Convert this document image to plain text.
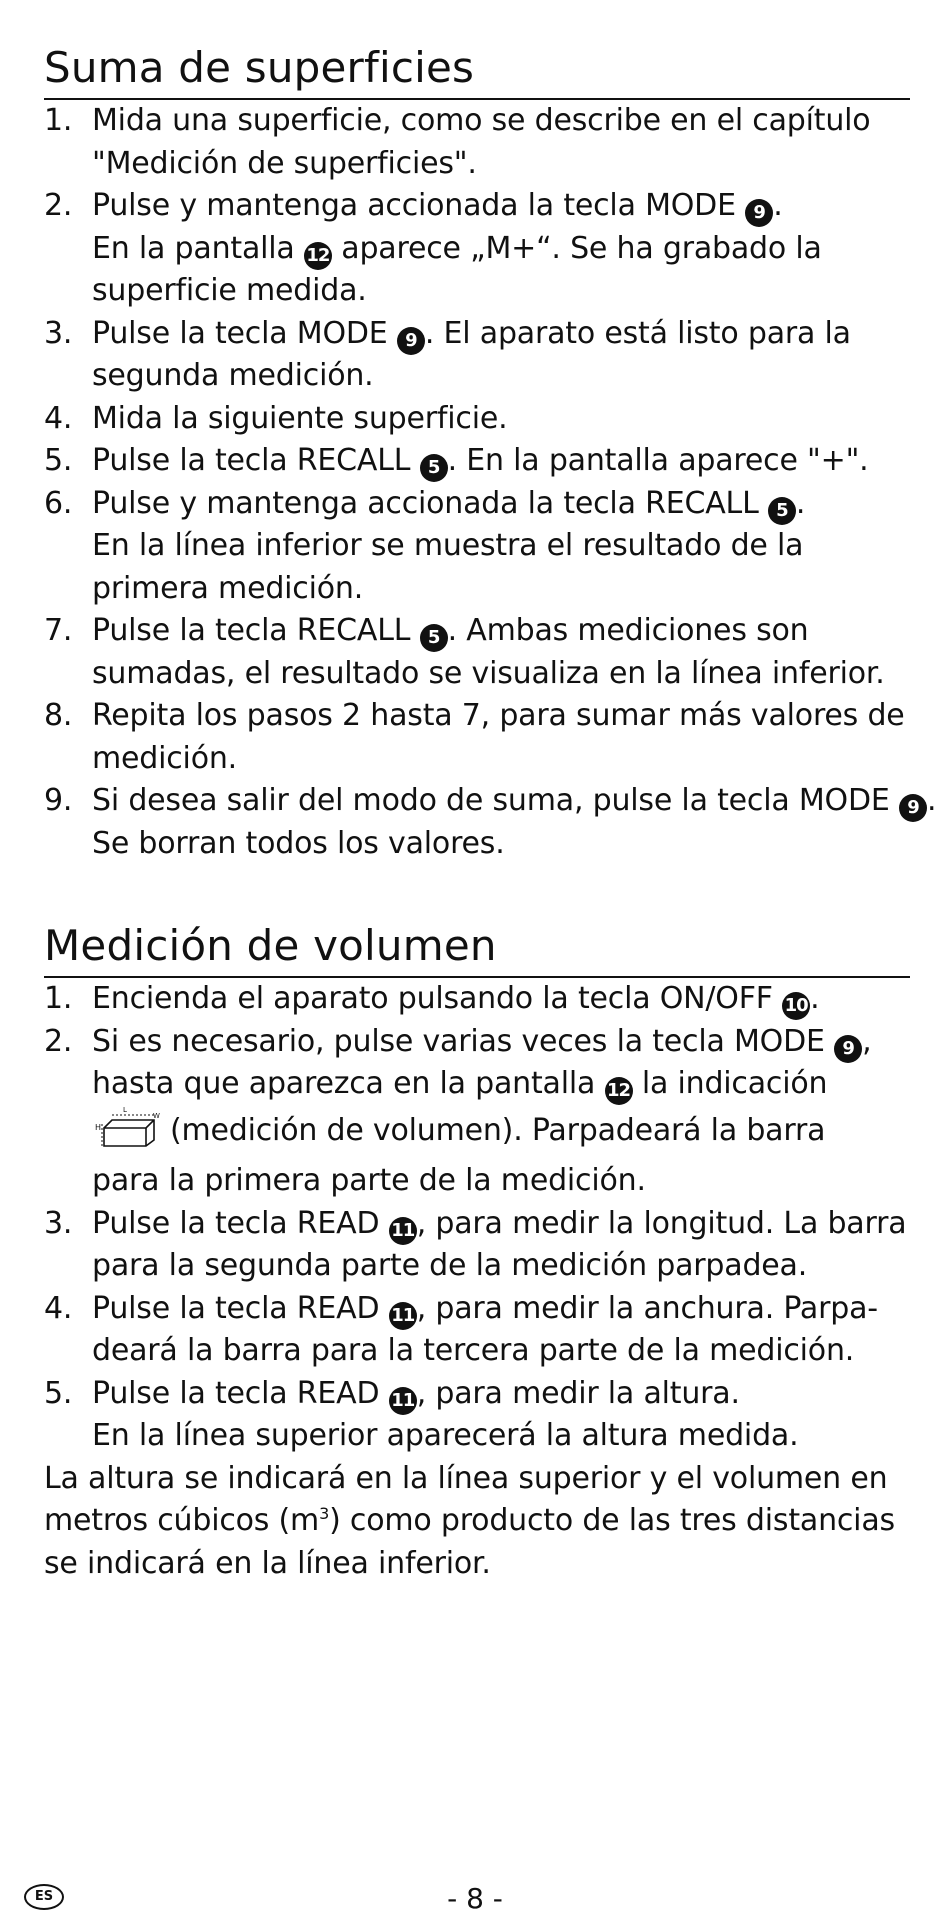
Suma de superficies
1. Mida una superficie, como se describe en el capítulo
"Medición de superficies".
2. Pulse y mantenga accionada la tecla MODE 9 .
En la pantalla 12 aparece „M+“. Se ha grabado la
superficie medida.
3. Pulse la tecla MODE 9 . El aparato está listo para la
segunda medición.
4. Mida la siguiente superficie.
5. Pulse la tecla RECALL 5 . En la pantalla aparece "+".
6. Pulse y mantenga accionada la tecla RECALL 5 .
En la línea inferior se muestra el resultado de la
primera medición.
7. Pulse la tecla RECALL 5 . Ambas mediciones son
sumadas, el resultado se visualiza en la línea inferior.
8. Repita los pasos 2 hasta 7, para sumar más valores de
medición.
9. Si desea salir del modo de suma, pulse la tecla MODE 9 .
Se borran todos los valores.
Medición de volumen
1. Encienda el aparato pulsando la tecla ON/OFF 10.
2. Si es necesario, pulse varias veces la tecla MODE 9 ,
hasta que aparezca en la pantalla 12 la indicación
H
L
W (medición de volumen). Parpadeará la barra
para la primera parte de la medición.
3. Pulse la tecla READ 11, para medir la longitud. La barra
para la segunda parte de la medición parpadea.
4. Pulse la tecla READ 11, para medir la anchura. Parpa-
deará la barra para la tercera parte de la medición.
5. Pulse la tecla READ 11, para medir la altura.
En la línea superior aparecerá la altura medida.

La altura se indicará en la línea superior y el volumen en
metros cúbicos $(m^3)$ como producto de las tres distancias
se indicará en la línea inferior.

ES	- 8 -
